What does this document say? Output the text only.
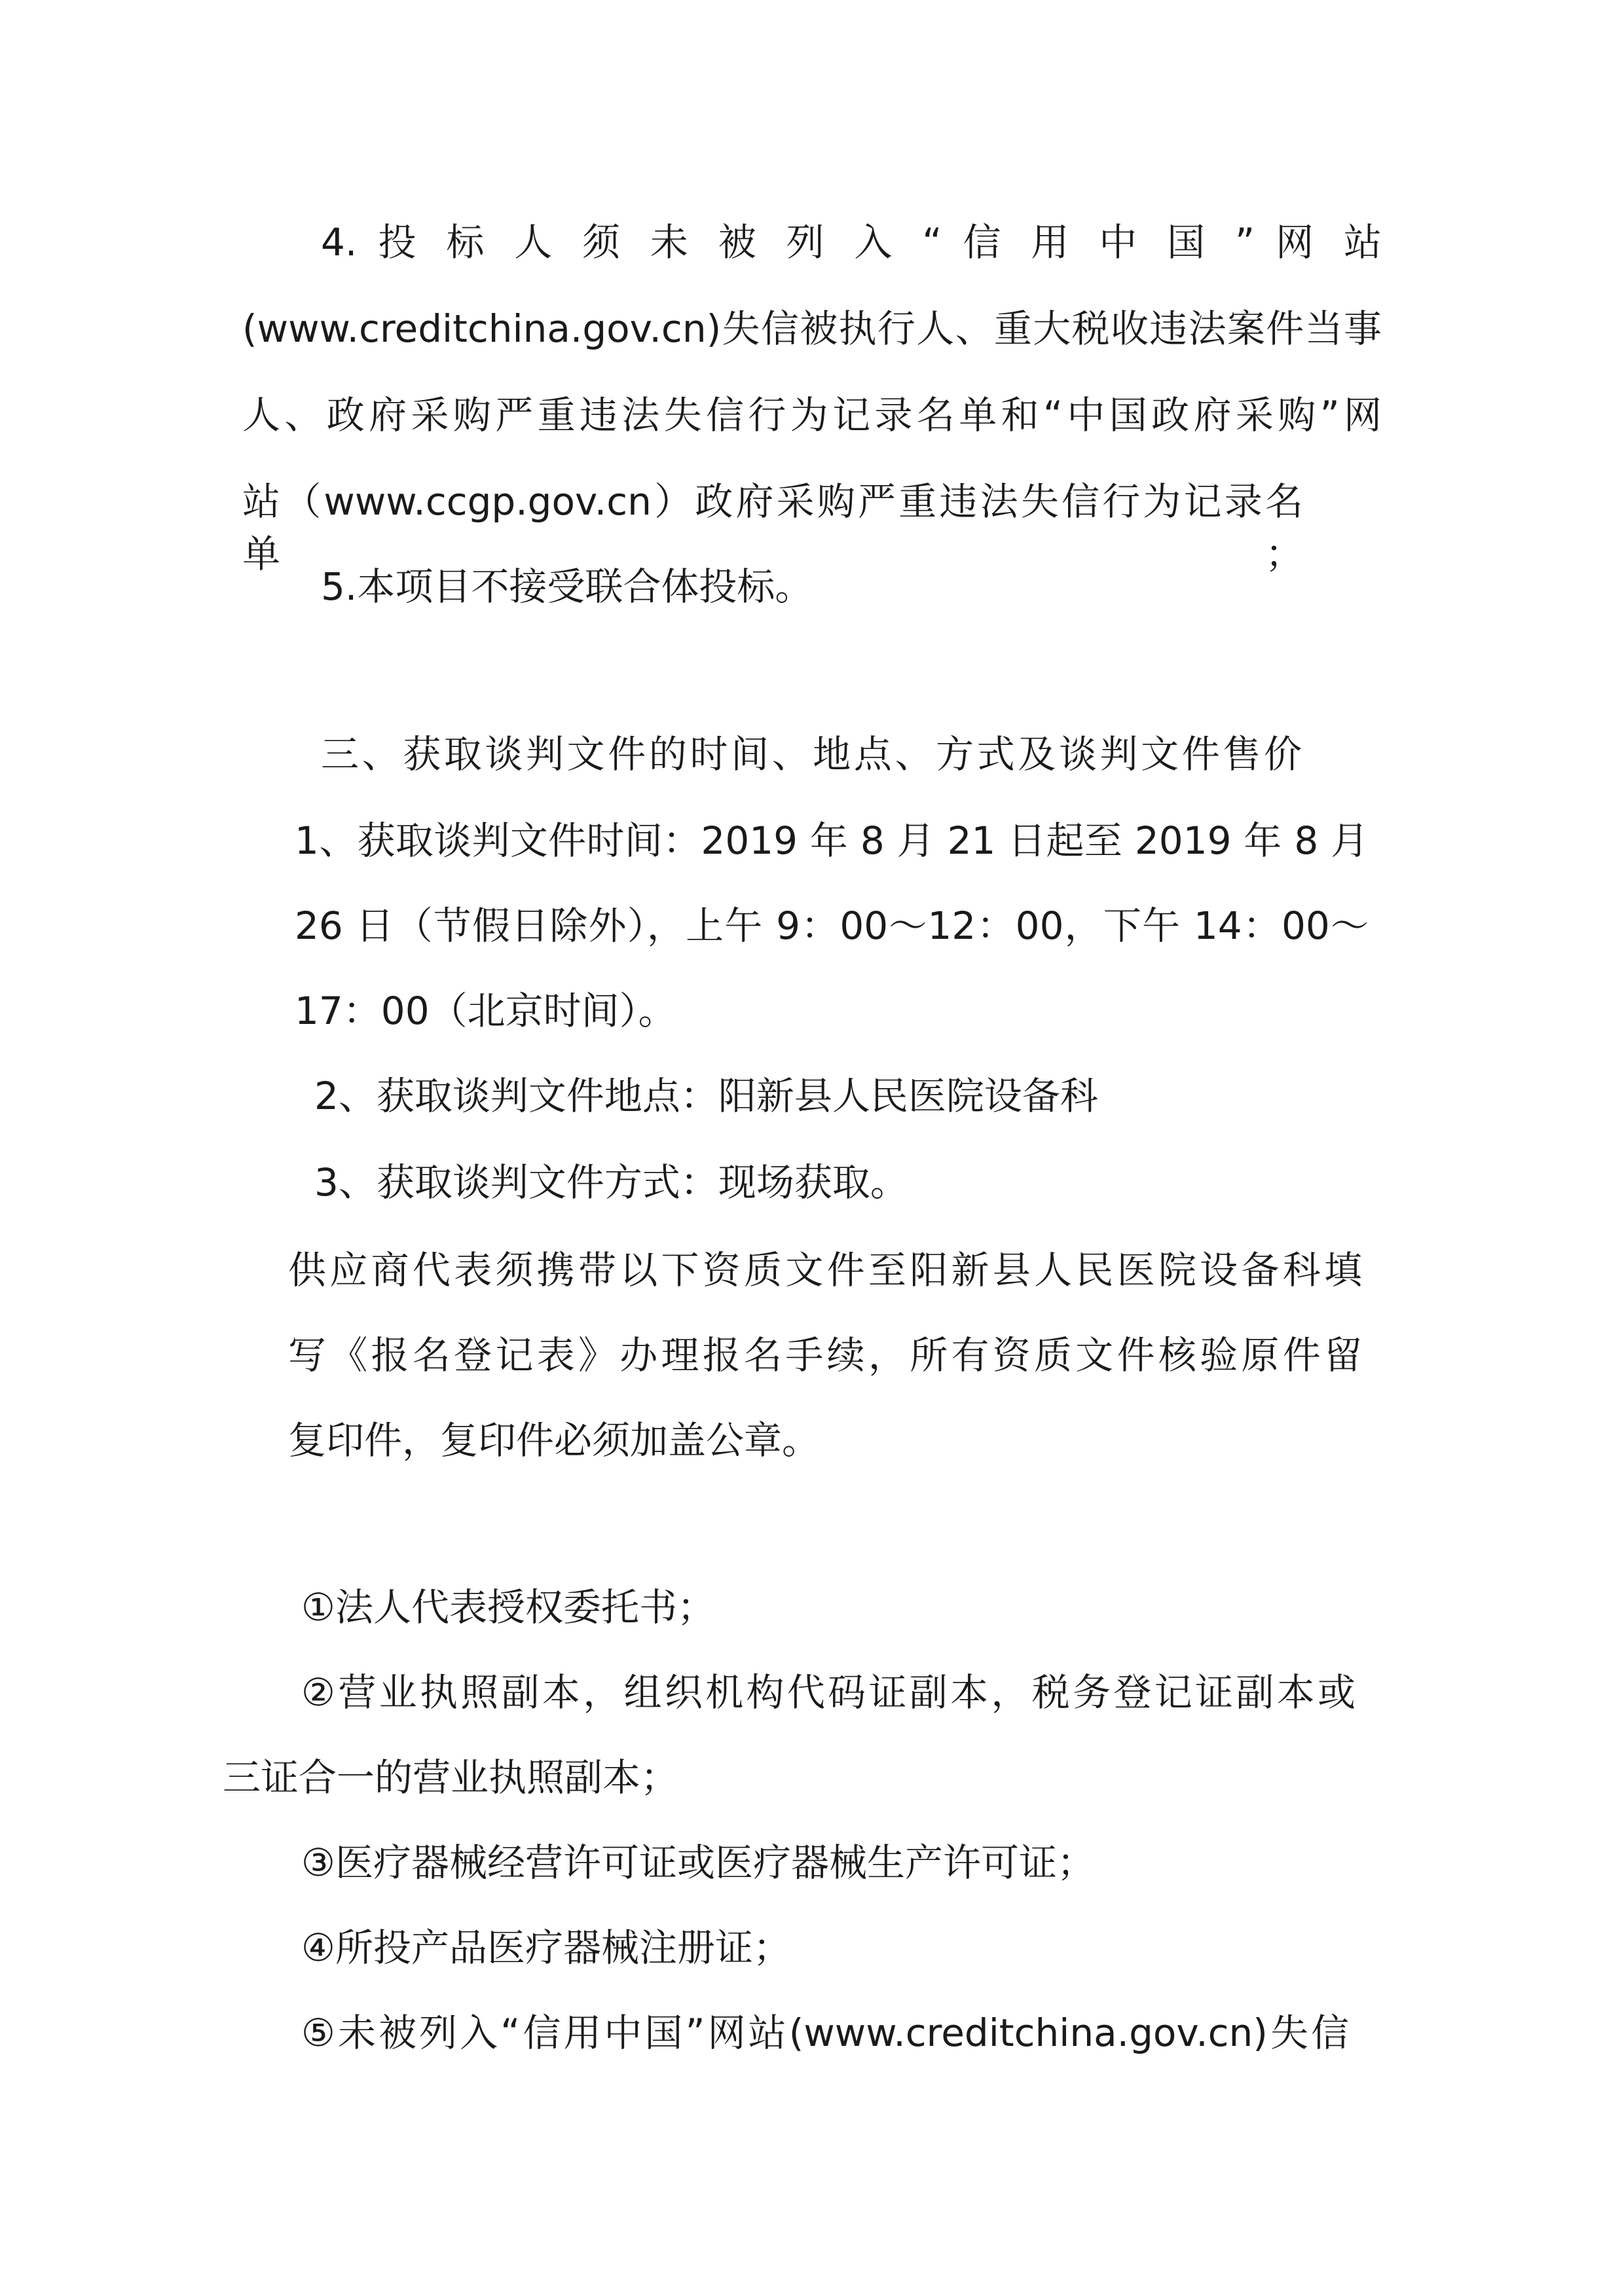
4. 投 标 人 须 未 被 列 入 “ 信 用 中 国 ” 网 站

(www.creditchina.gov.cn)失信被执行人、重大税收违法案件当事

人、政府采购严重违法失信行为记录名单和“中国政府采购”网

站（www.ccgp.gov.cn）政府采购严重违法失信行为记录名单；

5.本项目不接受联合体投标。

三、获取谈判文件的时间、地点、方式及谈判文件售价

1、获取谈判文件时间：2019 年 8 月 21 日起至 2019 年 8 月

26 日（节假日除外），上午 9：00～12：00，下午 14：00～

17：00（北京时间）。

2、获取谈判文件地点：阳新县人民医院设备科

3、获取谈判文件方式：现场获取。

供应商代表须携带以下资质文件至阳新县人民医院设备科填

写《报名登记表》办理报名手续，所有资质文件核验原件留

复印件，复印件必须加盖公章。

①法人代表授权委托书；

②营业执照副本，组织机构代码证副本，税务登记证副本或

三证合一的营业执照副本；

③医疗器械经营许可证或医疗器械生产许可证；

④所投产品医疗器械注册证；

⑤未被列入“信用中国”网站(www.creditchina.gov.cn)失信
